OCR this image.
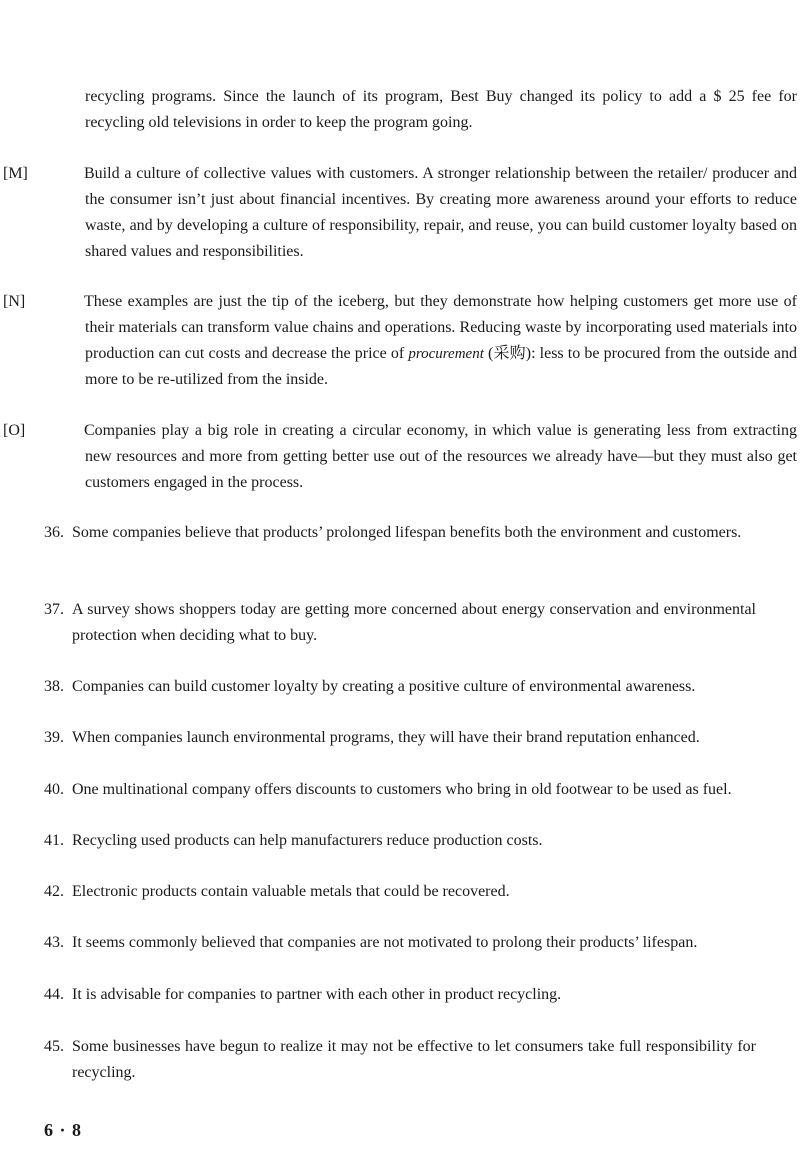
recycling programs. Since the launch of its program, Best Buy changed its policy to add a $ 25 fee for recycling old televisions in order to keep the program going.
[M]	Build a culture of collective values with customers. A stronger relationship between the retailer/ producer and the consumer isn’t just about financial incentives. By creating more awareness around your efforts to reduce waste, and by developing a culture of responsibility, repair, and reuse, you can build customer loyalty based on shared values and responsibilities.
[N]	These examples are just the tip of the iceberg, but they demonstrate how helping customers get more use of their materials can transform value chains and operations. Reducing waste by incorporating used materials into production can cut costs and decrease the price of procurement (采购): less to be procured from the outside and more to be re-utilized from the inside.
[O]	Companies play a big role in creating a circular economy, in which value is generating less from extracting new resources and more from getting better use out of the resources we already have—but they must also get customers engaged in the process.
36. Some companies believe that products’ prolonged lifespan benefits both the environment and customers.
37. A survey shows shoppers today are getting more concerned about energy conservation and environmental protection when deciding what to buy.
38. Companies can build customer loyalty by creating a positive culture of environmental awareness.
39. When companies launch environmental programs, they will have their brand reputation enhanced.
40. One multinational company offers discounts to customers who bring in old footwear to be used as fuel.
41. Recycling used products can help manufacturers reduce production costs.
42. Electronic products contain valuable metals that could be recovered.
43. It seems commonly believed that companies are not motivated to prolong their products’ lifespan.
44. It is advisable for companies to partner with each other in product recycling.
45. Some businesses have begun to realize it may not be effective to let consumers take full responsibility for recycling.
6 · 8
